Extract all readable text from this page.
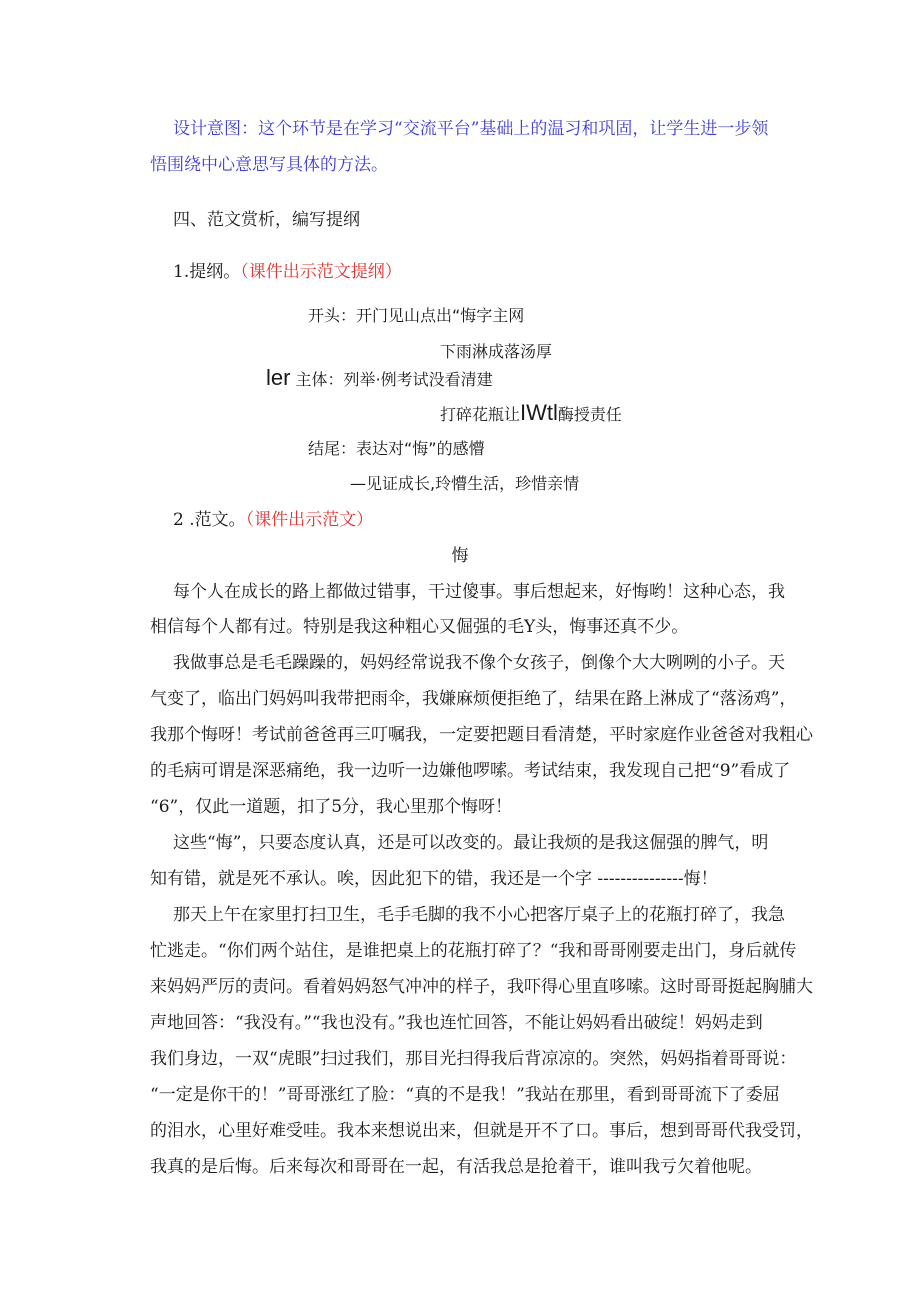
设计意图：这个环节是在学习“交流平台”基础上的温习和巩固，让学生进一步领
悟围绕中心意思写具体的方法。
四、范文赏析，编写提纲
1.提纲。（课件出示范文提纲）
开头：开门见山点出“悔字主网
下雨淋成落汤厚
ler 主体：列举·例考试没看清建
打碎花瓶让IWtl酶授责任
结尾：表达对“悔”的感懵
—见证成长,玲懵生活，珍惜亲情
2 .范文。（课件出示范文）
悔
每个人在成长的路上都做过错事，干过傻事。事后想起来，好悔哟！这种心态，我
相信每个人都有过。特别是我这种粗心又倔强的毛Y头，悔事还真不少。
我做事总是毛毛躁躁的，妈妈经常说我不像个女孩子，倒像个大大咧咧的小子。天
气变了，临出门妈妈叫我带把雨伞，我嫌麻烦便拒绝了，结果在路上淋成了“落汤鸡”，
我那个悔呀！考试前爸爸再三叮嘱我，一定要把题目看清楚，平时家庭作业爸爸对我粗心
的毛病可谓是深恶痛绝，我一边听一边嫌他啰嗦。考试结束，我发现自己把“9”看成了
“6”，仅此一道题，扣了5分，我心里那个悔呀！
这些“悔”，只要态度认真，还是可以改变的。最让我烦的是我这倔强的脾气，明
知有错，就是死不承认。唉，因此犯下的错，我还是一个字 ---------------悔！
那天上午在家里打扫卫生，毛手毛脚的我不小心把客厅桌子上的花瓶打碎了，我急
忙逃走。“你们两个站住，是谁把桌上的花瓶打碎了？“我和哥哥刚要走出门，身后就传
来妈妈严厉的责问。看着妈妈怒气冲冲的样子，我吓得心里直哆嗦。这时哥哥挺起胸脯大
声地回答：“我没有。”“我也没有。”我也连忙回答，不能让妈妈看出破绽！妈妈走到
我们身边，一双“虎眼”扫过我们，那目光扫得我后背凉凉的。突然，妈妈指着哥哥说：
“一定是你干的！”哥哥涨红了脸：“真的不是我！”我站在那里，看到哥哥流下了委屈
的泪水，心里好难受哇。我本来想说出来，但就是开不了口。事后，想到哥哥代我受罚，
我真的是后悔。后来每次和哥哥在一起，有活我总是抢着干，谁叫我亏欠着他呢。
